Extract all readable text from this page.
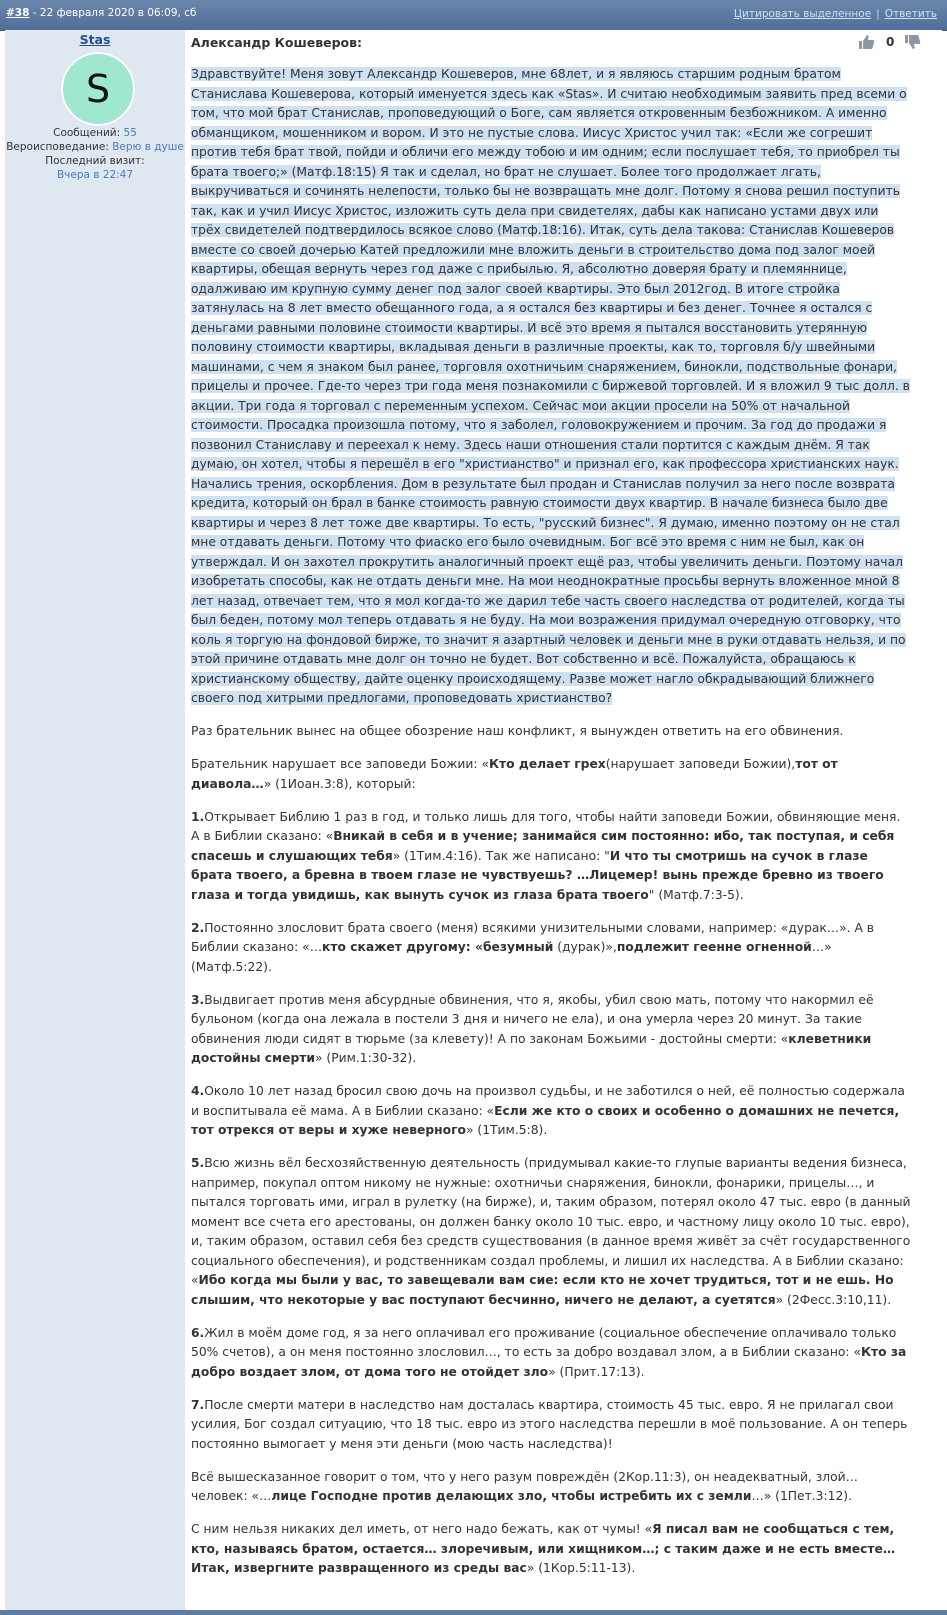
#38 - 22 февраля 2020 в 06:09, сб	Цитировать выделенное | Ответить
Stas
S
Сообщений: 55
Вероисповедание: Верю в душе
Последний визит:
Вчера в 22:47
Александр Кошеверов:	0

Здравствуйте! Меня зовут Александр Кошеверов, мне 68лет, и я являюсь старшим родным братом Станислава Кошеверова, который именуется здесь как «Stas». И считаю необходимым заявить пред всеми о том, что мой брат Станислав, проповедующий о Боге, сам является откровенным безбожником. А именно обманщиком, мошенником и вором. И это не пустые слова. Иисус Христос учил так: «Если же согрешит против тебя брат твой, пойди и обличи его между тобою и им одним; если послушает тебя, то приобрел ты брата твоего;» (Матф.18:15) Я так и сделал, но брат не слушает. Более того продолжает лгать, выкручиваться и сочинять нелепости, только бы не возвращать мне долг. Потому я снова решил поступить так, как и учил Иисус Христос, изложить суть дела при свидетелях, дабы как написано устами двух или трёх свидетелей подтвердилось всякое слово (Матф.18:16). Итак, суть дела такова: Станислав Кошеверов вместе со своей дочерью Катей предложили мне вложить деньги в строительство дома под залог моей квартиры, обещая вернуть через год даже с прибылью. Я, абсолютно доверяя брату и племяннице, одалживаю им крупную сумму денег под залог своей квартиры. Это был 2012год. В итоге стройка затянулась на 8 лет вместо обещанного года, а я остался без квартиры и без денег. Точнее я остался с деньгами равными половине стоимости квартиры. И всё это время я пытался восстановить утерянную половину стоимости квартиры, вкладывая деньги в различные проекты, как то, торговля б/у швейными машинами, с чем я знаком был ранее, торговля охотничьим снаряжением, бинокли, подствольные фонари, прицелы и прочее. Где-то через три года меня познакомили с биржевой торговлей. И я вложил 9 тыс долл. в акции. Три года я торговал с переменным успехом. Сейчас мои акции просели на 50% от начальной стоимости. Просадка произошла потому, что я заболел, головокружением и прочим. За год до продажи я позвонил Станиславу и переехал к нему. Здесь наши отношения стали портится с каждым днём. Я так думаю, он хотел, чтобы я перешёл в его "христианство" и признал его, как профессора христианских наук. Начались трения, оскорбления. Дом в результате был продан и Станислав получил за него после возврата кредита, который он брал в банке стоимость равную стоимости двух квартир. В начале бизнеса было две квартиры и через 8 лет тоже две квартиры. То есть, "русский бизнес". Я думаю, именно поэтому он не стал мне отдавать деньги. Потому что фиаско его было очевидным. Бог всё это время с ним не был, как он утверждал. И он захотел прокрутить аналогичный проект ещё раз, чтобы увеличить деньги. Поэтому начал изобретать способы, как не отдать деньги мне. На мои неоднократные просьбы вернуть вложенное мной 8 лет назад, отвечает тем, что я мол когда-то же дарил тебе часть своего наследства от родителей, когда ты был беден, потому мол теперь отдавать я не буду. На мои возражения придумал очередную отговорку, что коль я торгую на фондовой бирже, то значит я азартный человек и деньги мне в руки отдавать нельзя, и по этой причине отдавать мне долг он точно не будет. Вот собственно и всё. Пожалуйста, обращаюсь к христианскому обществу, дайте оценку происходящему. Разве может нагло обкрадывающий ближнего своего под хитрыми предлогами, проповедовать христианство?

Раз брательник вынес на общее обозрение наш конфликт, я вынужден ответить на его обвинения.

Брательник нарушает все заповеди Божии: «Кто делает грех(нарушает заповеди Божии),тот от диавола…» (1Иоан.3:8), который:

1.Открывает Библию 1 раз в год, и только лишь для того, чтобы найти заповеди Божии, обвиняющие меня. А в Библии сказано: «Вникай в себя и в учение; занимайся сим постоянно: ибо, так поступая, и себя спасешь и слушающих тебя» (1Тим.4:16). Так же написано: "И что ты смотришь на сучок в глазе брата твоего, а бревна в твоем глазе не чувствуешь? …Лицемер! вынь прежде бревно из твоего глаза и тогда увидишь, как вынуть сучок из глаза брата твоего" (Матф.7:3-5).

2.Постоянно злословит брата своего (меня) всякими унизительными словами, например: «дурак…». А в Библии сказано: «…кто скажет другому: «безумный (дурак)»,подлежит геенне огненной…» (Матф.5:22).

3.Выдвигает против меня абсурдные обвинения, что я, якобы, убил свою мать, потому что накормил её бульоном (когда она лежала в постели 3 дня и ничего не ела), и она умерла через 20 минут. За такие обвинения люди сидят в тюрьме (за клевету)! А по законам Божьими - достойны смерти: «клеветники достойны смерти» (Рим.1:30-32).

4.Около 10 лет назад бросил свою дочь на произвол судьбы, и не заботился о ней, её полностью содержала и воспитывала её мама. А в Библии сказано: «Если же кто о своих и особенно о домашних не печется, тот отрекся от веры и хуже неверного» (1Тим.5:8).

5.Всю жизнь вёл бесхозяйственную деятельность (придумывал какие-то глупые варианты ведения бизнеса, например, покупал оптом никому не нужные: охотничьи снаряжения, бинокли, фонарики, прицелы…, и пытался торговать ими, играл в рулетку (на бирже), и, таким образом, потерял около 47 тыс. евро (в данный момент все счета его арестованы, он должен банку около 10 тыс. евро, и частному лицу около 10 тыс. евро), и, таким образом, оставил себя без средств существования (в данное время живёт за счёт государственного социального обеспечения), и родственникам создал проблемы, и лишил их наследства. А в Библии сказано: «Ибо когда мы были у вас, то завещевали вам сие: если кто не хочет трудиться, тот и не ешь. Но слышим, что некоторые у вас поступают бесчинно, ничего не делают, а суетятся» (2Фесс.3:10,11).

6.Жил в моём доме год, я за него оплачивал его проживание (социальное обеспечение оплачивало только 50% счетов), а он меня постоянно злословил…, то есть за добро воздавал злом, а в Библии сказано: «Кто за добро воздает злом, от дома того не отойдет зло» (Прит.17:13).

7.После смерти матери в наследство нам досталась квартира, стоимость 45 тыс. евро. Я не прилагал свои усилия, Бог создал ситуацию, что 18 тыс. евро из этого наследства перешли в моё пользование. А он теперь постоянно вымогает у меня эти деньги (мою часть наследства)!

Всё вышесказанное говорит о том, что у него разум повреждён (2Кор.11:3), он неадекватный, злой… человек: «…лице Господне против делающих зло, чтобы истребить их с земли…» (1Пет.3:12).

С ним нельзя никаких дел иметь, от него надо бежать, как от чумы! «Я писал вам не сообщаться с тем, кто, называясь братом, остается… злоречивым, или хищником…; с таким даже и не есть вместе… Итак, извергните развращенного из среды вас» (1Кор.5:11-13).
